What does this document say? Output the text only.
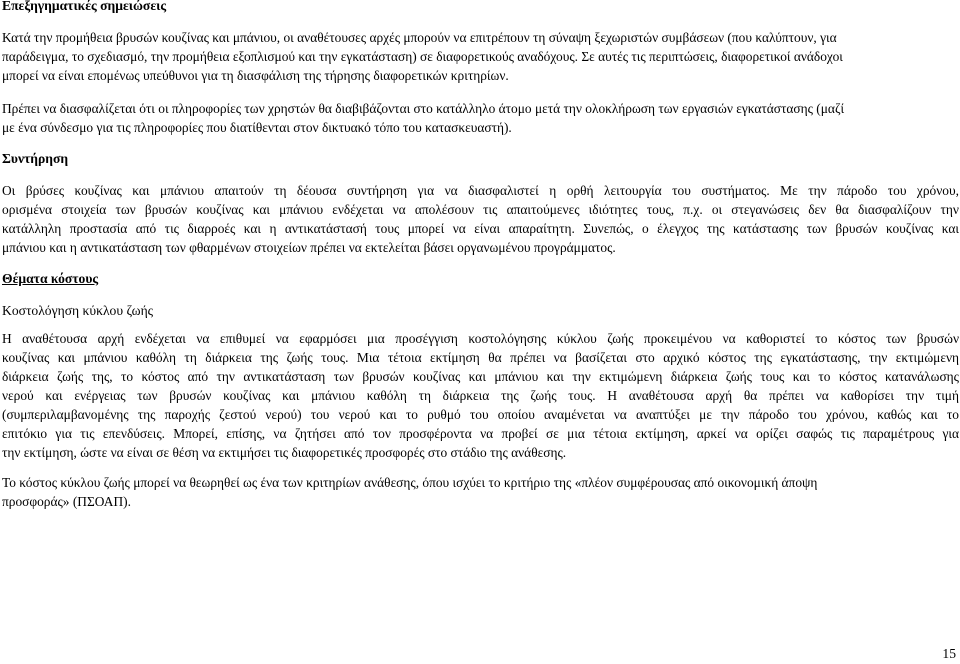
Επεξηγηματικές σημειώσεις

Κατά την προμήθεια βρυσών κουζίνας και μπάνιου, οι αναθέτουσες αρχές μπορούν να επιτρέπουν τη σύναψη ξεχωριστών συμβάσεων (που καλύπτουν, για
παράδειγμα, το σχεδιασμό, την προμήθεια εξοπλισμού και την εγκατάσταση) σε διαφορετικούς αναδόχους. Σε αυτές τις περιπτώσεις, διαφορετικοί ανάδοχοι
μπορεί να είναι επομένως υπεύθυνοι για τη διασφάλιση της τήρησης διαφορετικών κριτηρίων.

Πρέπει να διασφαλίζεται ότι οι πληροφορίες των χρηστών θα διαβιβάζονται στο κατάλληλο άτομο μετά την ολοκλήρωση των εργασιών εγκατάστασης (μαζί
με ένα σύνδεσμο για τις πληροφορίες που διατίθενται στον δικτυακό τόπο του κατασκευαστή).

Συντήρηση

Οι βρύσες κουζίνας και μπάνιου απαιτούν τη δέουσα συντήρηση για να διασφαλιστεί η ορθή λειτουργία του συστήματος. Με την πάροδο του χρόνου,
ορισμένα στοιχεία των βρυσών κουζίνας και μπάνιου ενδέχεται να απολέσουν τις απαιτούμενες ιδιότητες τους, π.χ. οι στεγανώσεις δεν θα διασφαλίζουν την
κατάλληλη προστασία από τις διαρροές και η αντικατάστασή τους μπορεί να είναι απαραίτητη. Συνεπώς, ο έλεγχος της κατάστασης των βρυσών κουζίνας και
μπάνιου και η αντικατάσταση των φθαρμένων στοιχείων πρέπει να εκτελείται βάσει οργανωμένου προγράμματος.

Θέματα κόστους

Κοστολόγηση κύκλου ζωής

Η αναθέτουσα αρχή ενδέχεται να επιθυμεί να εφαρμόσει μια προσέγγιση κοστολόγησης κύκλου ζωής προκειμένου να καθοριστεί το κόστος των βρυσών
κουζίνας και μπάνιου καθόλη τη διάρκεια της ζωής τους. Μια τέτοια εκτίμηση θα πρέπει να βασίζεται στο αρχικό κόστος της εγκατάστασης, την εκτιμώμενη
διάρκεια ζωής της, το κόστος από την αντικατάσταση των βρυσών κουζίνας και μπάνιου και την εκτιμώμενη διάρκεια ζωής τους και το κόστος κατανάλωσης
νερού και ενέργειας των βρυσών κουζίνας και μπάνιου καθόλη τη διάρκεια της ζωής τους. Η αναθέτουσα αρχή θα πρέπει να καθορίσει την τιμή
(συμπεριλαμβανομένης της παροχής ζεστού νερού) του νερού και το ρυθμό του οποίου αναμένεται να αναπτύξει με την πάροδο του χρόνου, καθώς και το
επιτόκιο για τις επενδύσεις. Μπορεί, επίσης, να ζητήσει από τον προσφέροντα να προβεί σε μια τέτοια εκτίμηση, αρκεί να ορίζει σαφώς τις παραμέτρους για
την εκτίμηση, ώστε να είναι σε θέση να εκτιμήσει τις διαφορετικές προσφορές στο στάδιο της ανάθεσης.

Το κόστος κύκλου ζωής μπορεί να θεωρηθεί ως ένα των κριτηρίων ανάθεσης, όπου ισχύει το κριτήριο της «πλέον συμφέρουσας από οικονομική άποψη
προσφοράς» (ΠΣΟΑΠ).

15
